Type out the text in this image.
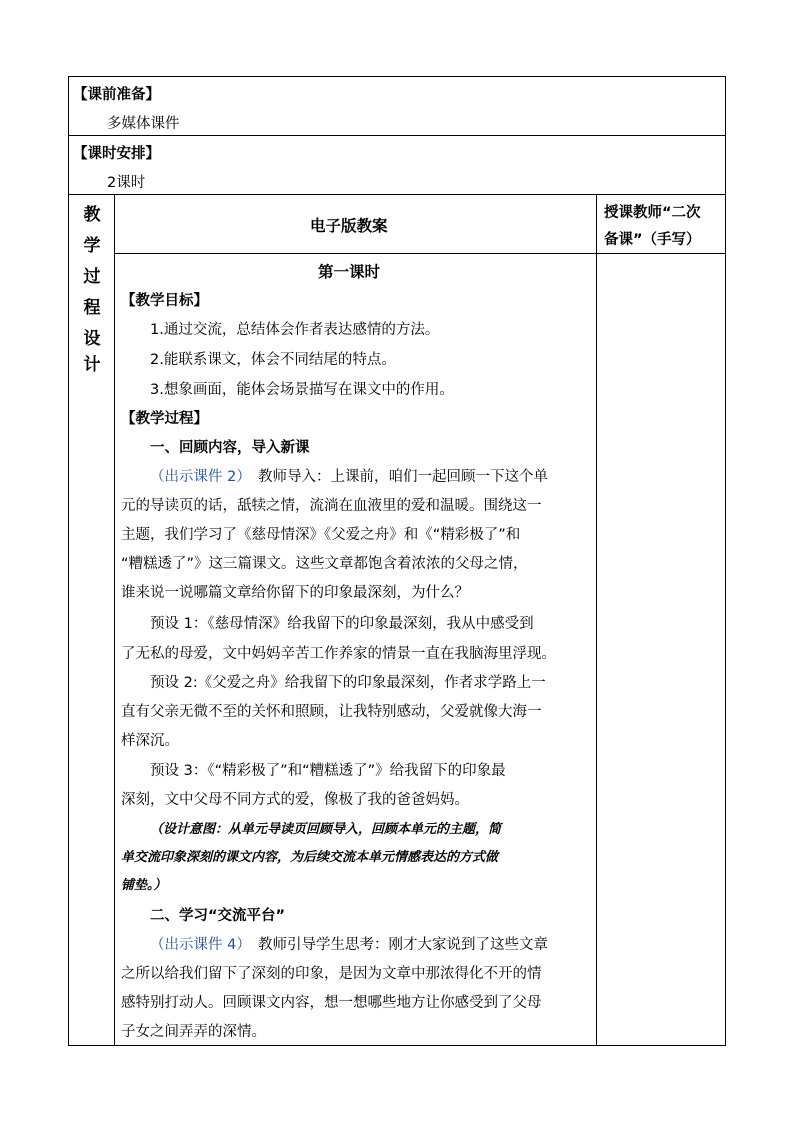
【课前准备】
多媒体课件
【课时安排】
2课时
教
学
过
程
设
计
电子版教案
授课教师“二次
备课”（手写）
第一课时
【教学目标】
1.通过交流，总结体会作者表达感情的方法。
2.能联系课文，体会不同结尾的特点。
3.想象画面，能体会场景描写在课文中的作用。
【教学过程】
一、回顾内容，导入新课
（出示课件 2） 教师导入：上课前，咱们一起回顾一下这个单
元的导读页的话，舐犊之情，流淌在血液里的爱和温暖。围绕这一
主题，我们学习了《慈母情深》《父爱之舟》和《“精彩极了”和
“糟糕透了”》这三篇课文。这些文章都饱含着浓浓的父母之情，
谁来说一说哪篇文章给你留下的印象最深刻，为什么？
预设 1：《慈母情深》给我留下的印象最深刻，我从中感受到
了无私的母爱，文中妈妈辛苦工作养家的情景一直在我脑海里浮现。
预设 2:《父爱之舟》给我留下的印象最深刻，作者求学路上一
直有父亲无微不至的关怀和照顾，让我特别感动，父爱就像大海一
样深沉。
预设 3：《“精彩极了”和“糟糕透了”》给我留下的印象最
深刻，文中父母不同方式的爱，像极了我的爸爸妈妈。
（设计意图：从单元导读页回顾导入，回顾本单元的主题，简
单交流印象深刻的课文内容，为后续交流本单元情感表达的方式做
铺垫。）
二、学习“交流平台”
（出示课件 4） 教师引导学生思考：刚才大家说到了这些文章
之所以给我们留下了深刻的印象，是因为文章中那浓得化不开的情
感特别打动人。回顾课文内容，想一想哪些地方让你感受到了父母
子女之间弄弄的深情。
